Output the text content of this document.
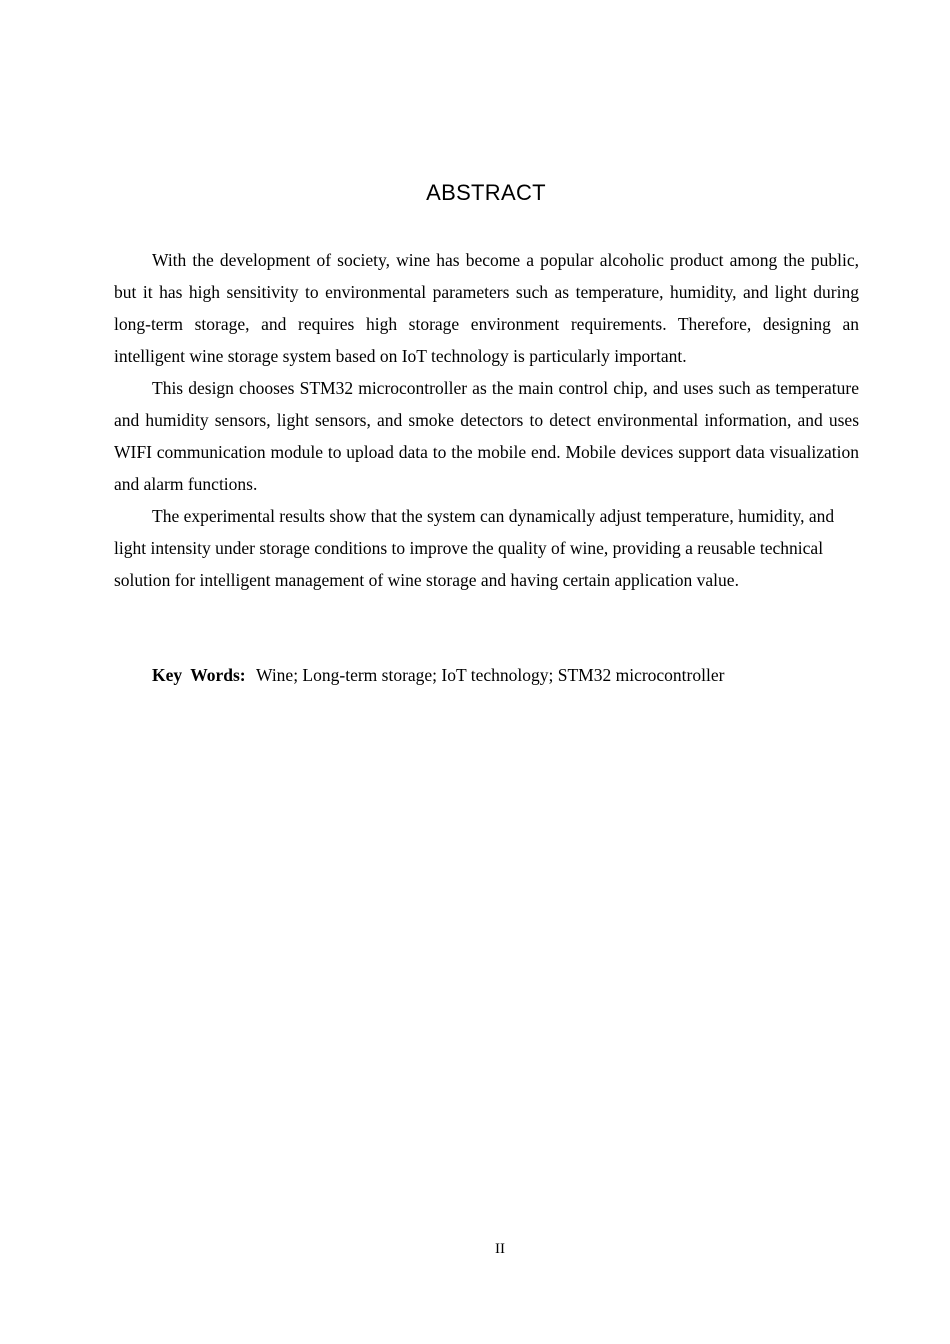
ABSTRACT

With the development of society, wine has become a popular alcoholic product among the public, but it has high sensitivity to environmental parameters such as temperature, humidity, and light during long-term storage, and requires high storage environment requirements. Therefore, designing an intelligent wine storage system based on IoT technology is particularly important.

This design chooses STM32 microcontroller as the main control chip, and uses such as temperature and humidity sensors, light sensors, and smoke detectors to detect environmental information, and uses WIFI communication module to upload data to the mobile end. Mobile devices support data visualization and alarm functions.

The experimental results show that the system can dynamically adjust temperature, humidity, and light intensity under storage conditions to improve the quality of wine, providing a reusable technical solution for intelligent management of wine storage and having certain application value.

Key Words: Wine; Long-term storage; IoT technology; STM32 microcontroller
II
